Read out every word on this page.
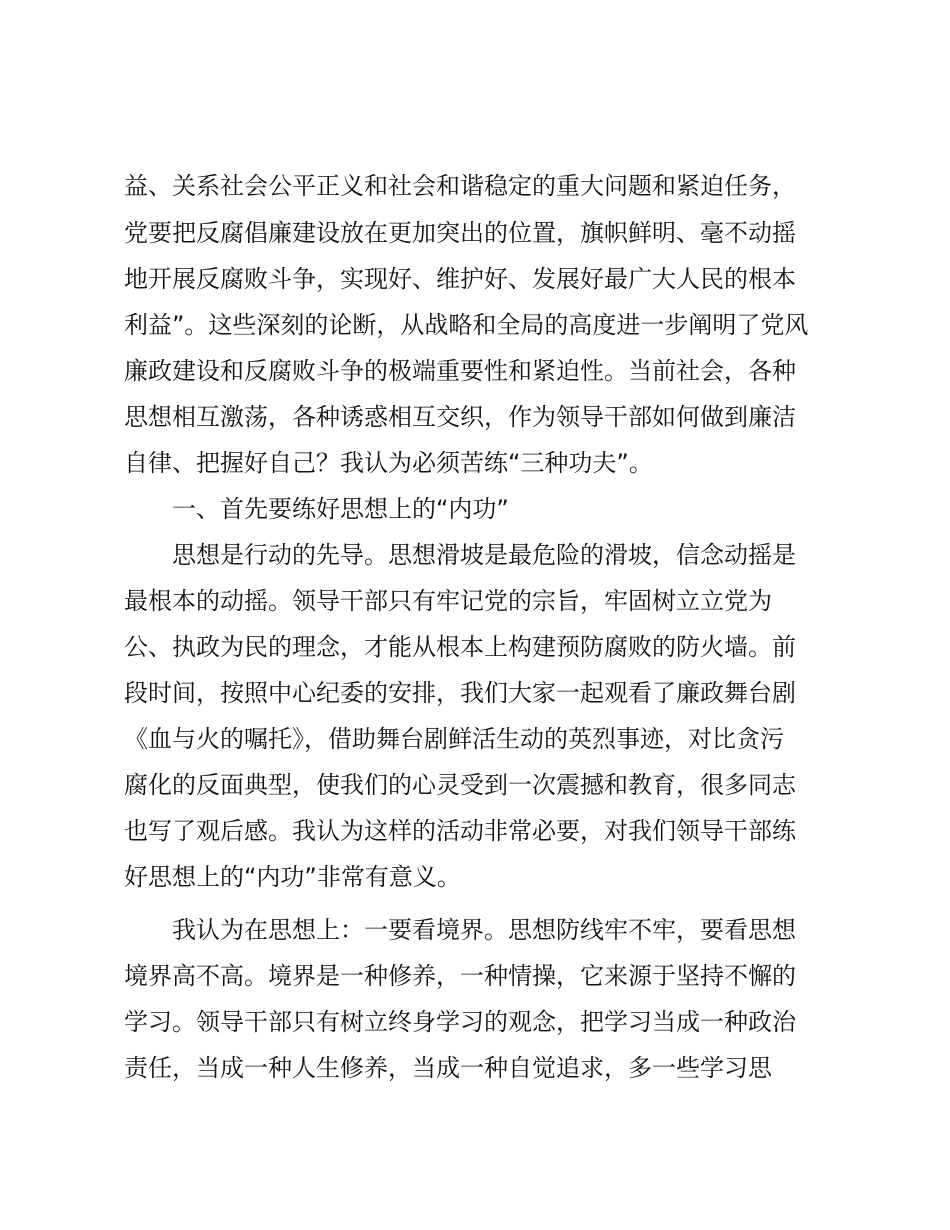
益、关系社会公平正义和社会和谐稳定的重大问题和紧迫任务，
党要把反腐倡廉建设放在更加突出的位置，旗帜鲜明、毫不动摇
地开展反腐败斗争，实现好、维护好、发展好最广大人民的根本
利益”。这些深刻的论断，从战略和全局的高度进一步阐明了党风
廉政建设和反腐败斗争的极端重要性和紧迫性。当前社会，各种
思想相互激荡，各种诱惑相互交织，作为领导干部如何做到廉洁
自律、把握好自己？我认为必须苦练“三种功夫”。
一、首先要练好思想上的“内功”
思想是行动的先导。思想滑坡是最危险的滑坡，信念动摇是
最根本的动摇。领导干部只有牢记党的宗旨，牢固树立立党为
公、执政为民的理念，才能从根本上构建预防腐败的防火墙。前
段时间，按照中心纪委的安排，我们大家一起观看了廉政舞台剧
《血与火的嘱托》，借助舞台剧鲜活生动的英烈事迹，对比贪污
腐化的反面典型，使我们的心灵受到一次震撼和教育，很多同志
也写了观后感。我认为这样的活动非常必要，对我们领导干部练
好思想上的“内功”非常有意义。
我认为在思想上：一要看境界。思想防线牢不牢，要看思想
境界高不高。境界是一种修养，一种情操，它来源于坚持不懈的
学习。领导干部只有树立终身学习的观念，把学习当成一种政治
责任，当成一种人生修养，当成一种自觉追求，多一些学习思
